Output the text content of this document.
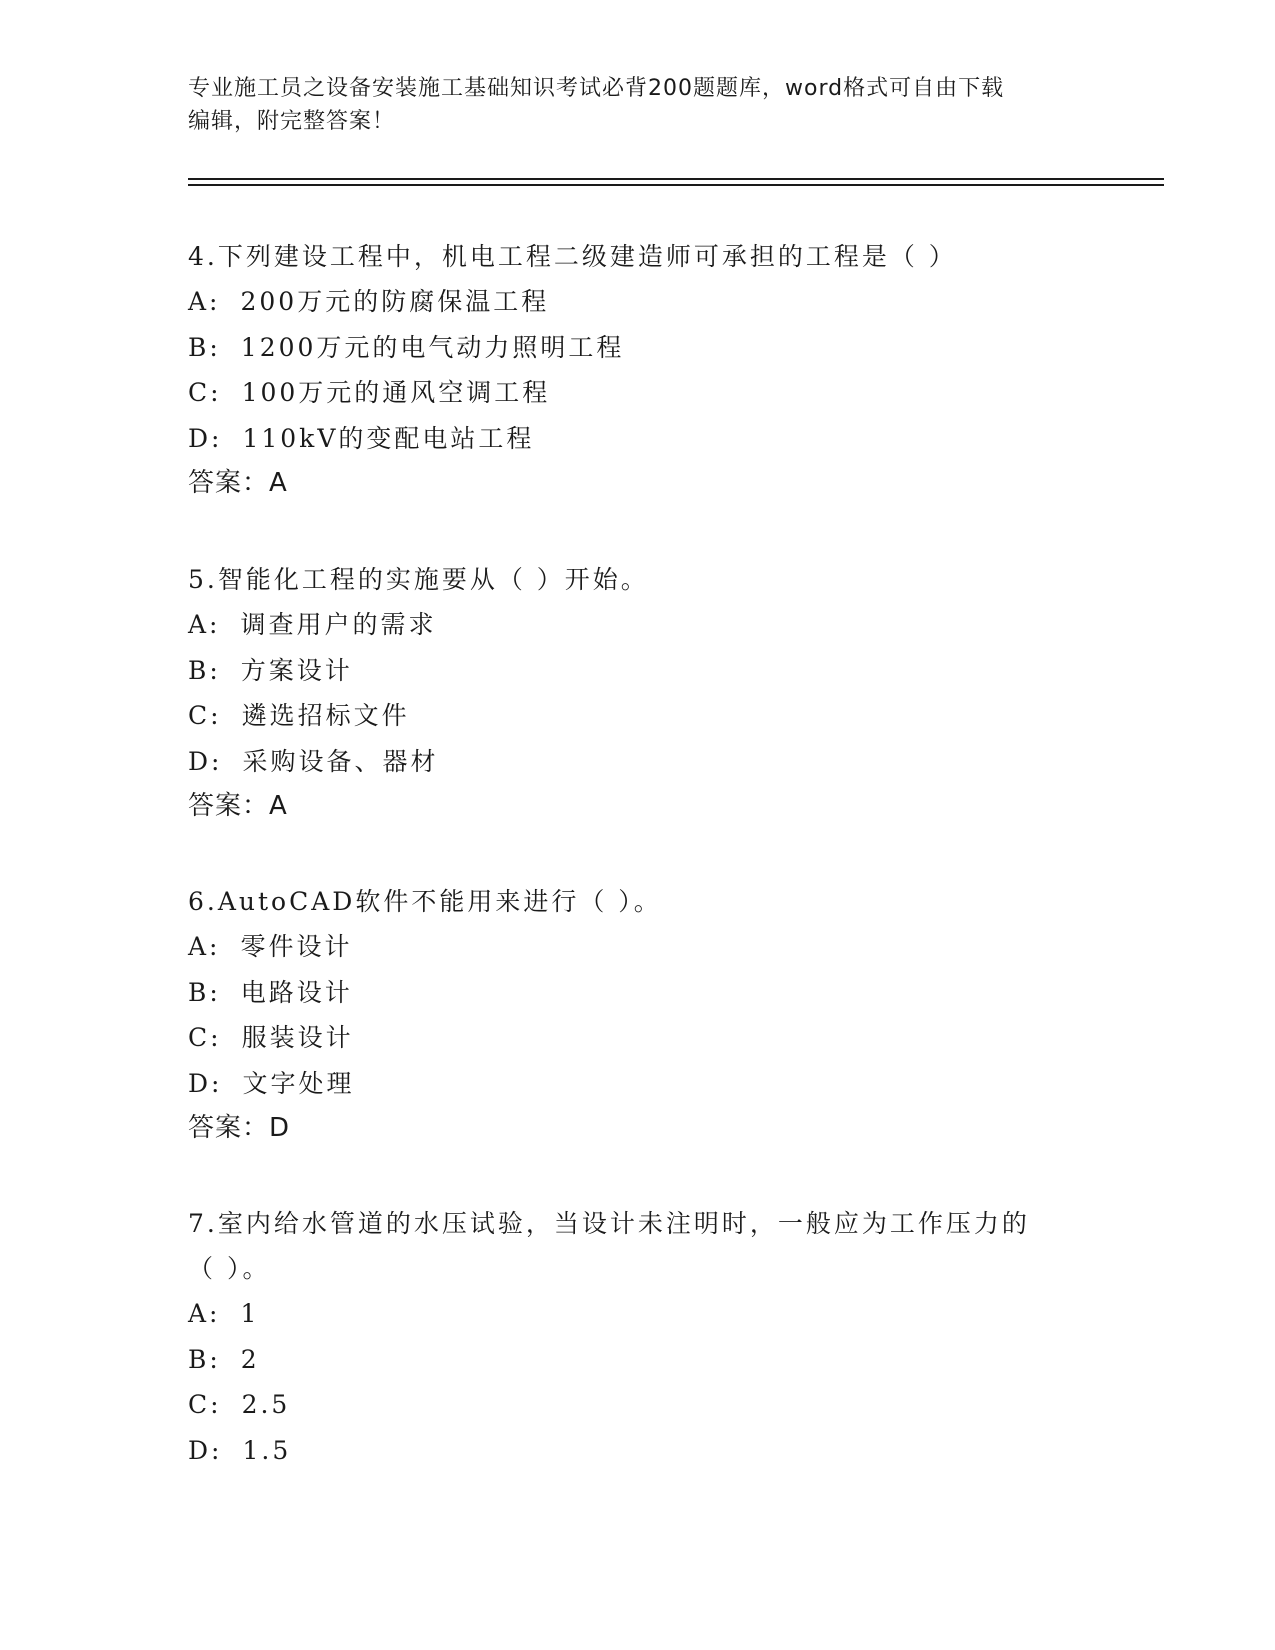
专业施工员之设备安装施工基础知识考试必背200题题库，word格式可自由下载
编辑，附完整答案！

4.下列建设工程中，机电工程二级建造师可承担的工程是（ ）

A: 200万元的防腐保温工程

B: 1200万元的电气动力照明工程

C: 100万元的通风空调工程

D: 110kV的变配电站工程

答案：A

5.智能化工程的实施要从（ ）开始。

A: 调查用户的需求

B: 方案设计

C: 遴选招标文件

D: 采购设备、器材

答案：A

6.AutoCAD软件不能用来进行（ ）。

A: 零件设计

B: 电路设计

C: 服装设计

D: 文字处理

答案：D

7.室内给水管道的水压试验，当设计未注明时，一般应为工作压力的

（ ）。

A: 1

B: 2

C: 2.5

D: 1.5
